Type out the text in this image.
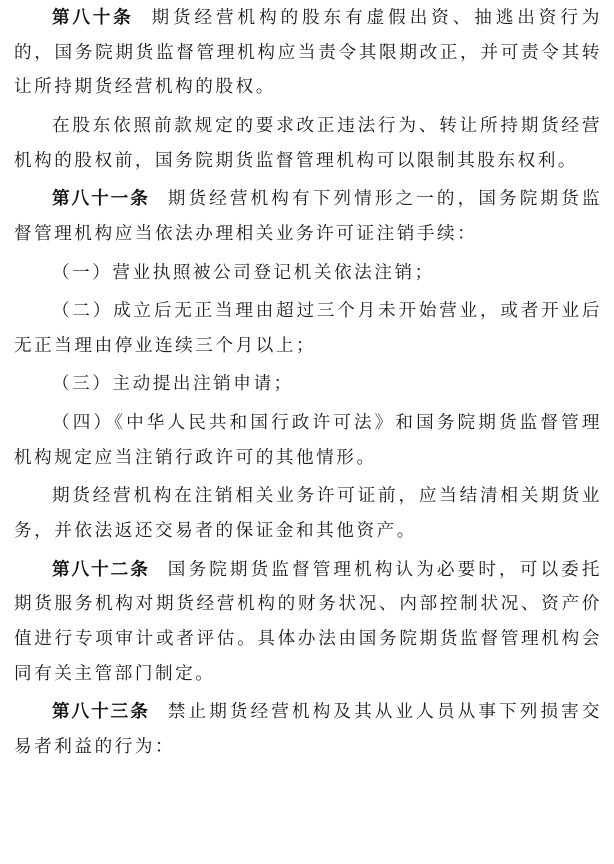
第八十条 期货经营机构的股东有虚假出资、抽逃出资行为的，国务院期货监督管理机构应当责令其限期改正，并可责令其转让所持期货经营机构的股权。

在股东依照前款规定的要求改正违法行为、转让所持期货经营机构的股权前，国务院期货监督管理机构可以限制其股东权利。

第八十一条 期货经营机构有下列情形之一的，国务院期货监督管理机构应当依法办理相关业务许可证注销手续：

（一）营业执照被公司登记机关依法注销；

（二）成立后无正当理由超过三个月未开始营业，或者开业后无正当理由停业连续三个月以上；

（三）主动提出注销申请；

（四）《中华人民共和国行政许可法》和国务院期货监督管理机构规定应当注销行政许可的其他情形。

期货经营机构在注销相关业务许可证前，应当结清相关期货业务，并依法返还交易者的保证金和其他资产。

第八十二条 国务院期货监督管理机构认为必要时，可以委托期货服务机构对期货经营机构的财务状况、内部控制状况、资产价值进行专项审计或者评估。具体办法由国务院期货监督管理机构会同有关主管部门制定。

第八十三条 禁止期货经营机构及其从业人员从事下列损害交易者利益的行为：
